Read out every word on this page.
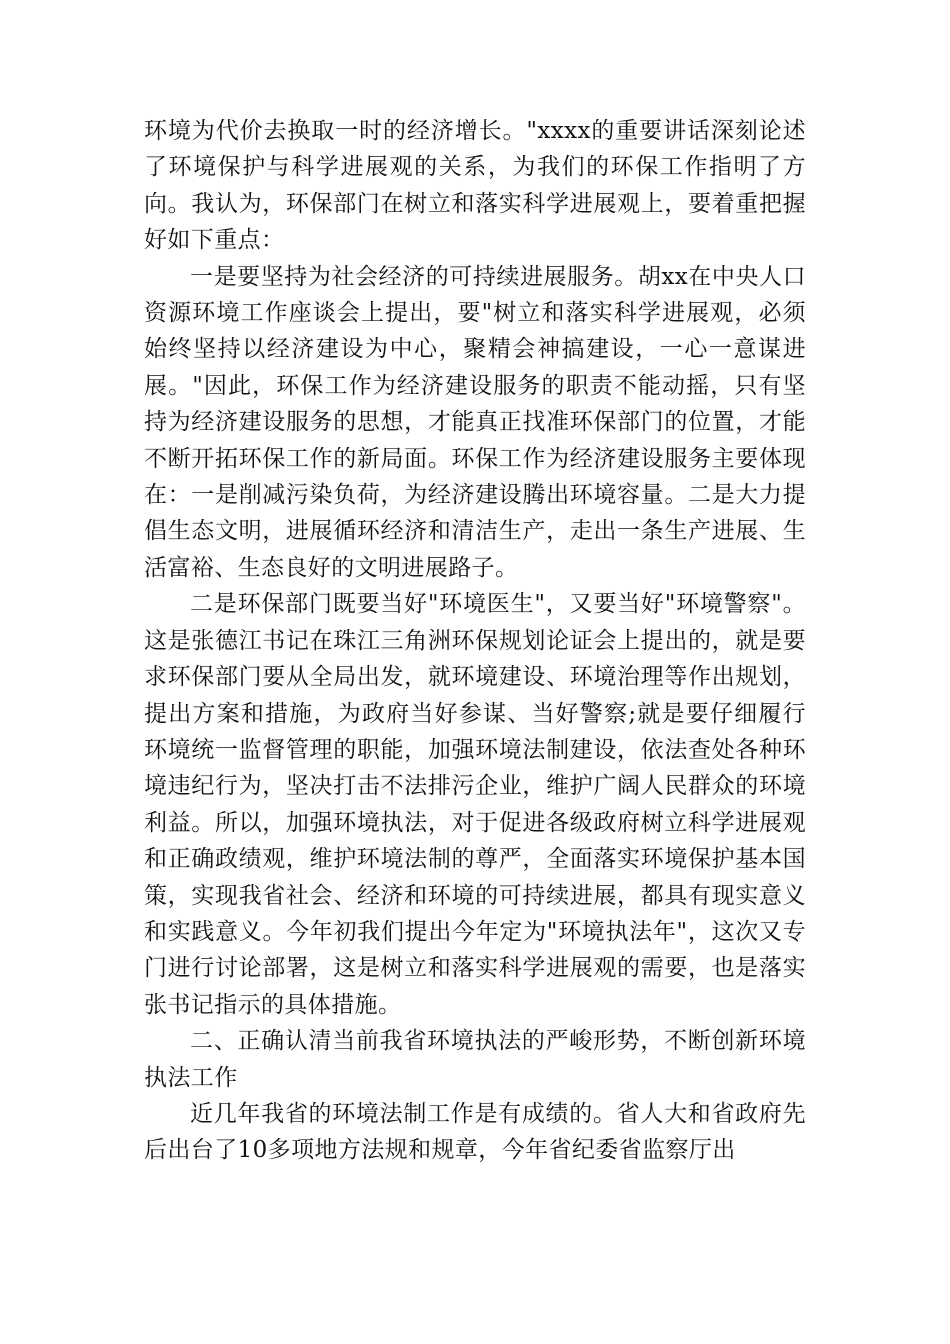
环境为代价去换取一时的经济增长。"xxxx的重要讲话深刻论述了环境保护与科学进展观的关系，为我们的环保工作指明了方向。我认为，环保部门在树立和落实科学进展观上，要着重把握好如下重点：

一是要坚持为社会经济的可持续进展服务。胡xx在中央人口资源环境工作座谈会上提出，要"树立和落实科学进展观，必须始终坚持以经济建设为中心，聚精会神搞建设，一心一意谋进展。"因此，环保工作为经济建设服务的职责不能动摇，只有坚持为经济建设服务的思想，才能真正找准环保部门的位置，才能不断开拓环保工作的新局面。环保工作为经济建设服务主要体现在：一是削减污染负荷，为经济建设腾出环境容量。二是大力提倡生态文明，进展循环经济和清洁生产，走出一条生产进展、生活富裕、生态良好的文明进展路子。

二是环保部门既要当好"环境医生"，又要当好"环境警察"。这是张德江书记在珠江三角洲环保规划论证会上提出的，就是要求环保部门要从全局出发，就环境建设、环境治理等作出规划，提出方案和措施，为政府当好参谋、当好警察;就是要仔细履行环境统一监督管理的职能，加强环境法制建设，依法查处各种环境违纪行为，坚决打击不法排污企业，维护广阔人民群众的环境利益。所以，加强环境执法，对于促进各级政府树立科学进展观和正确政绩观，维护环境法制的尊严，全面落实环境保护基本国策，实现我省社会、经济和环境的可持续进展，都具有现实意义和实践意义。今年初我们提出今年定为"环境执法年"，这次又专门进行讨论部署，这是树立和落实科学进展观的需要，也是落实张书记指示的具体措施。

二、正确认清当前我省环境执法的严峻形势，不断创新环境执法工作

近几年我省的环境法制工作是有成绩的。省人大和省政府先后出台了10多项地方法规和规章，今年省纪委省监察厅出
